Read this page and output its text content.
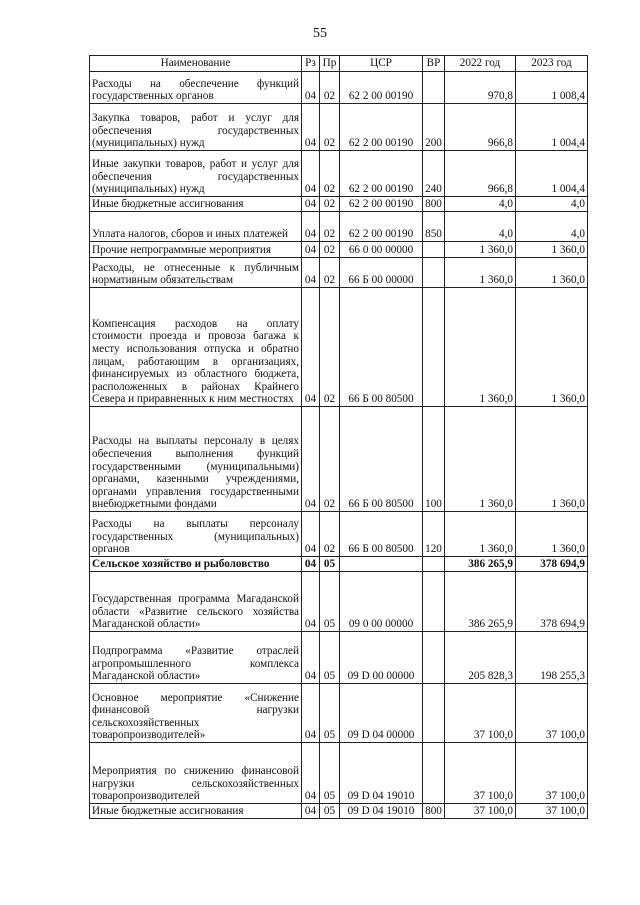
55
Наименование	Рз	Пр	ЦСР	ВР	2022 год	2023 год
Расходы на обеспечение функций государственных органов	04	02	62 2 00 00190		970,8	1 008,4
Закупка товаров, работ и услуг для обеспечения государственных (муниципальных) нужд	04	02	62 2 00 00190	200	966,8	1 004,4
Иные закупки товаров, работ и услуг для обеспечения государственных (муниципальных) нужд	04	02	62 2 00 00190	240	966,8	1 004,4
Иные бюджетные ассигнования	04	02	62 2 00 00190	800	4,0	4,0
Уплата налогов, сборов и иных платежей	04	02	62 2 00 00190	850	4,0	4,0
Прочие непрограммные мероприятия	04	02	66 0 00 00000		1 360,0	1 360,0
Расходы, не отнесенные к публичным нормативным обязательствам	04	02	66 Б 00 00000		1 360,0	1 360,0
Компенсация расходов на оплату стоимости проезда и провоза багажа к месту использования отпуска и обратно лицам, работающим в организациях, финансируемых из областного бюджета, расположенных в районах Крайнего Севера и приравненных к ним местностях	04	02	66 Б 00 80500		1 360,0	1 360,0
Расходы на выплаты персоналу в целях обеспечения выполнения функций государственными (муниципальными) органами, казенными учреждениями, органами управления государственными внебюджетными фондами	04	02	66 Б 00 80500	100	1 360,0	1 360,0
Расходы на выплаты персоналу государственных (муниципальных) органов	04	02	66 Б 00 80500	120	1 360,0	1 360,0
Сельское хозяйство и рыболовство	04	05			386 265,9	378 694,9
Государственная программа Магаданской области «Развитие сельского хозяйства Магаданской области»	04	05	09 0 00 00000		386 265,9	378 694,9
Подпрограмма «Развитие отраслей агропромышленного комплекса Магаданской области»	04	05	09 D 00 00000		205 828,3	198 255,3
Основное мероприятие «Снижение финансовой нагрузки сельскохозяйственных товаропроизводителей»	04	05	09 D 04 00000		37 100,0	37 100,0
Мероприятия по снижению финансовой нагрузки сельскохозяйственных товаропроизводителей	04	05	09 D 04 19010		37 100,0	37 100,0
Иные бюджетные ассигнования	04	05	09 D 04 19010	800	37 100,0	37 100,0
